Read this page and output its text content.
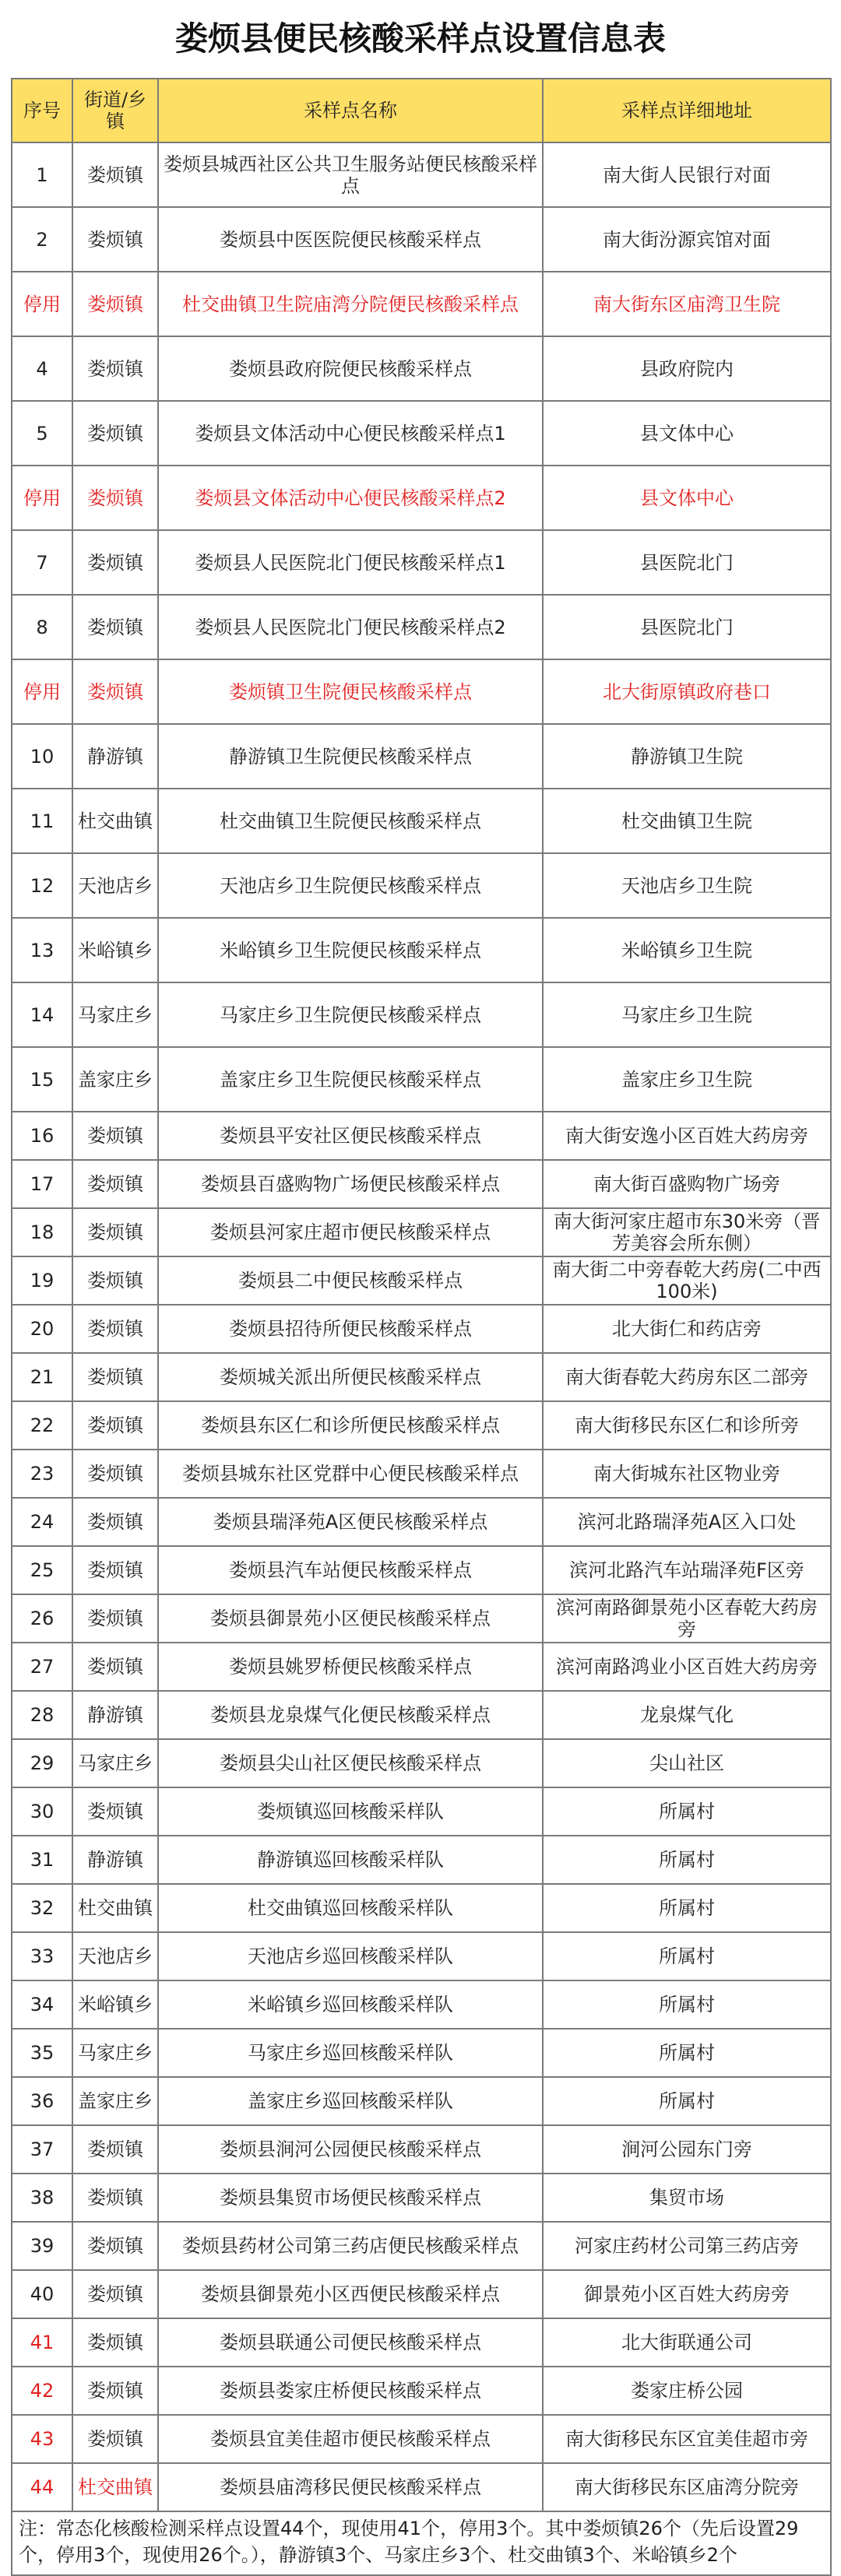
娄烦县便民核酸采样点设置信息表
序号	街道/乡镇	采样点名称	采样点详细地址
1	娄烦镇	娄烦县城西社区公共卫生服务站便民核酸采样点	南大街人民银行对面
2	娄烦镇	娄烦县中医医院便民核酸采样点	南大街汾源宾馆对面
停用	娄烦镇	杜交曲镇卫生院庙湾分院便民核酸采样点	南大街东区庙湾卫生院
4	娄烦镇	娄烦县政府院便民核酸采样点	县政府院内
5	娄烦镇	娄烦县文体活动中心便民核酸采样点1	县文体中心
停用	娄烦镇	娄烦县文体活动中心便民核酸采样点2	县文体中心
7	娄烦镇	娄烦县人民医院北门便民核酸采样点1	县医院北门
8	娄烦镇	娄烦县人民医院北门便民核酸采样点2	县医院北门
停用	娄烦镇	娄烦镇卫生院便民核酸采样点	北大街原镇政府巷口
10	静游镇	静游镇卫生院便民核酸采样点	静游镇卫生院
11	杜交曲镇	杜交曲镇卫生院便民核酸采样点	杜交曲镇卫生院
12	天池店乡	天池店乡卫生院便民核酸采样点	天池店乡卫生院
13	米峪镇乡	米峪镇乡卫生院便民核酸采样点	米峪镇乡卫生院
14	马家庄乡	马家庄乡卫生院便民核酸采样点	马家庄乡卫生院
15	盖家庄乡	盖家庄乡卫生院便民核酸采样点	盖家庄乡卫生院
16	娄烦镇	娄烦县平安社区便民核酸采样点	南大街安逸小区百姓大药房旁
17	娄烦镇	娄烦县百盛购物广场便民核酸采样点	南大街百盛购物广场旁
18	娄烦镇	娄烦县河家庄超市便民核酸采样点	南大街河家庄超市东30米旁（晋芳美容会所东侧）
19	娄烦镇	娄烦县二中便民核酸采样点	南大街二中旁春乾大药房(二中西100米)
20	娄烦镇	娄烦县招待所便民核酸采样点	北大街仁和药店旁
21	娄烦镇	娄烦城关派出所便民核酸采样点	南大街春乾大药房东区二部旁
22	娄烦镇	娄烦县东区仁和诊所便民核酸采样点	南大街移民东区仁和诊所旁
23	娄烦镇	娄烦县城东社区党群中心便民核酸采样点	南大街城东社区物业旁
24	娄烦镇	娄烦县瑞泽苑A区便民核酸采样点	滨河北路瑞泽苑A区入口处
25	娄烦镇	娄烦县汽车站便民核酸采样点	滨河北路汽车站瑞泽苑F区旁
26	娄烦镇	娄烦县御景苑小区便民核酸采样点	滨河南路御景苑小区春乾大药房旁
27	娄烦镇	娄烦县姚罗桥便民核酸采样点	滨河南路鸿业小区百姓大药房旁
28	静游镇	娄烦县龙泉煤气化便民核酸采样点	龙泉煤气化
29	马家庄乡	娄烦县尖山社区便民核酸采样点	尖山社区
30	娄烦镇	娄烦镇巡回核酸采样队	所属村
31	静游镇	静游镇巡回核酸采样队	所属村
32	杜交曲镇	杜交曲镇巡回核酸采样队	所属村
33	天池店乡	天池店乡巡回核酸采样队	所属村
34	米峪镇乡	米峪镇乡巡回核酸采样队	所属村
35	马家庄乡	马家庄乡巡回核酸采样队	所属村
36	盖家庄乡	盖家庄乡巡回核酸采样队	所属村
37	娄烦镇	娄烦县涧河公园便民核酸采样点	涧河公园东门旁
38	娄烦镇	娄烦县集贸市场便民核酸采样点	集贸市场
39	娄烦镇	娄烦县药材公司第三药店便民核酸采样点	河家庄药材公司第三药店旁
40	娄烦镇	娄烦县御景苑小区西便民核酸采样点	御景苑小区百姓大药房旁
41	娄烦镇	娄烦县联通公司便民核酸采样点	北大街联通公司
42	娄烦镇	娄烦县娄家庄桥便民核酸采样点	娄家庄桥公园
43	娄烦镇	娄烦县宜美佳超市便民核酸采样点	南大街移民东区宜美佳超市旁
44	杜交曲镇	娄烦县庙湾移民便民核酸采样点	南大街移民东区庙湾分院旁
注：常态化核酸检测采样点设置44个，现使用41个，停用3个。其中娄烦镇26个（先后设置29个，停用3个，现使用26个。），静游镇3个、马家庄乡3个、杜交曲镇3个、米峪镇乡2个			
